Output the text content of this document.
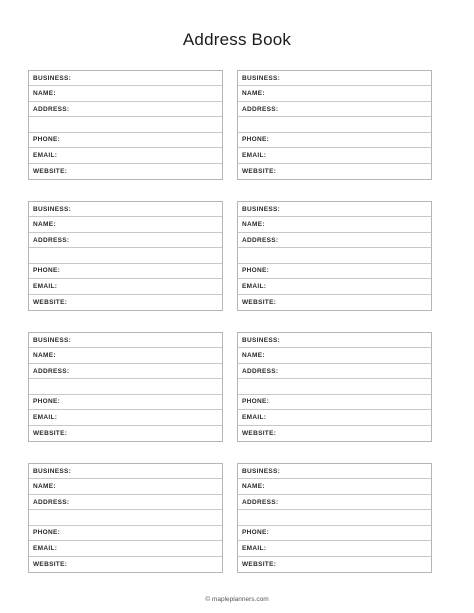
Address Book
BUSINESS:
NAME:
ADDRESS:
PHONE:
EMAIL:
WEBSITE:
BUSINESS:
NAME:
ADDRESS:
PHONE:
EMAIL:
WEBSITE:
BUSINESS:
NAME:
ADDRESS:
PHONE:
EMAIL:
WEBSITE:
BUSINESS:
NAME:
ADDRESS:
PHONE:
EMAIL:
WEBSITE:
BUSINESS:
NAME:
ADDRESS:
PHONE:
EMAIL:
WEBSITE:
BUSINESS:
NAME:
ADDRESS:
PHONE:
EMAIL:
WEBSITE:
BUSINESS:
NAME:
ADDRESS:
PHONE:
EMAIL:
WEBSITE:
BUSINESS:
NAME:
ADDRESS:
PHONE:
EMAIL:
WEBSITE:
© mapleplanners.com
